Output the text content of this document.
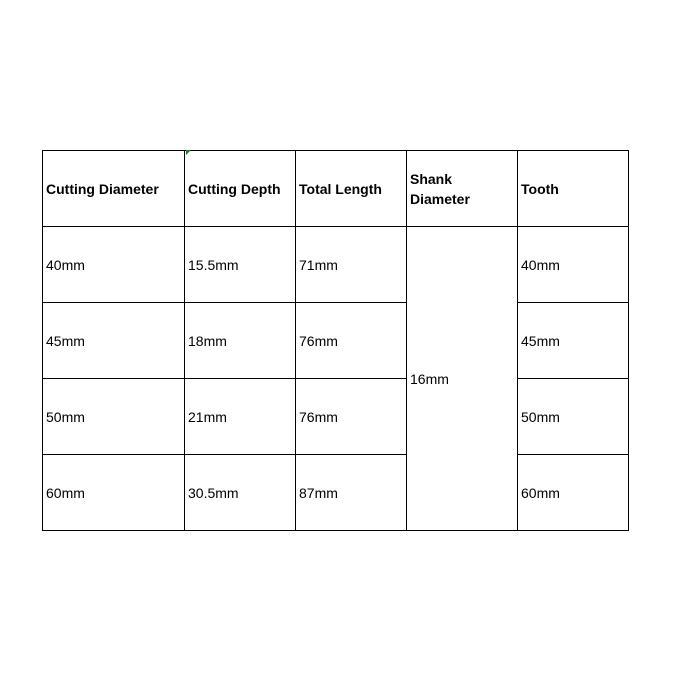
Cutting Diameter	Cutting Depth	Total Length	Shank Diameter	Tooth
40mm	15.5mm	71mm	16mm	40mm
45mm	18mm	76mm		45mm
50mm	21mm	76mm		50mm
60mm	30.5mm	87mm		60mm
